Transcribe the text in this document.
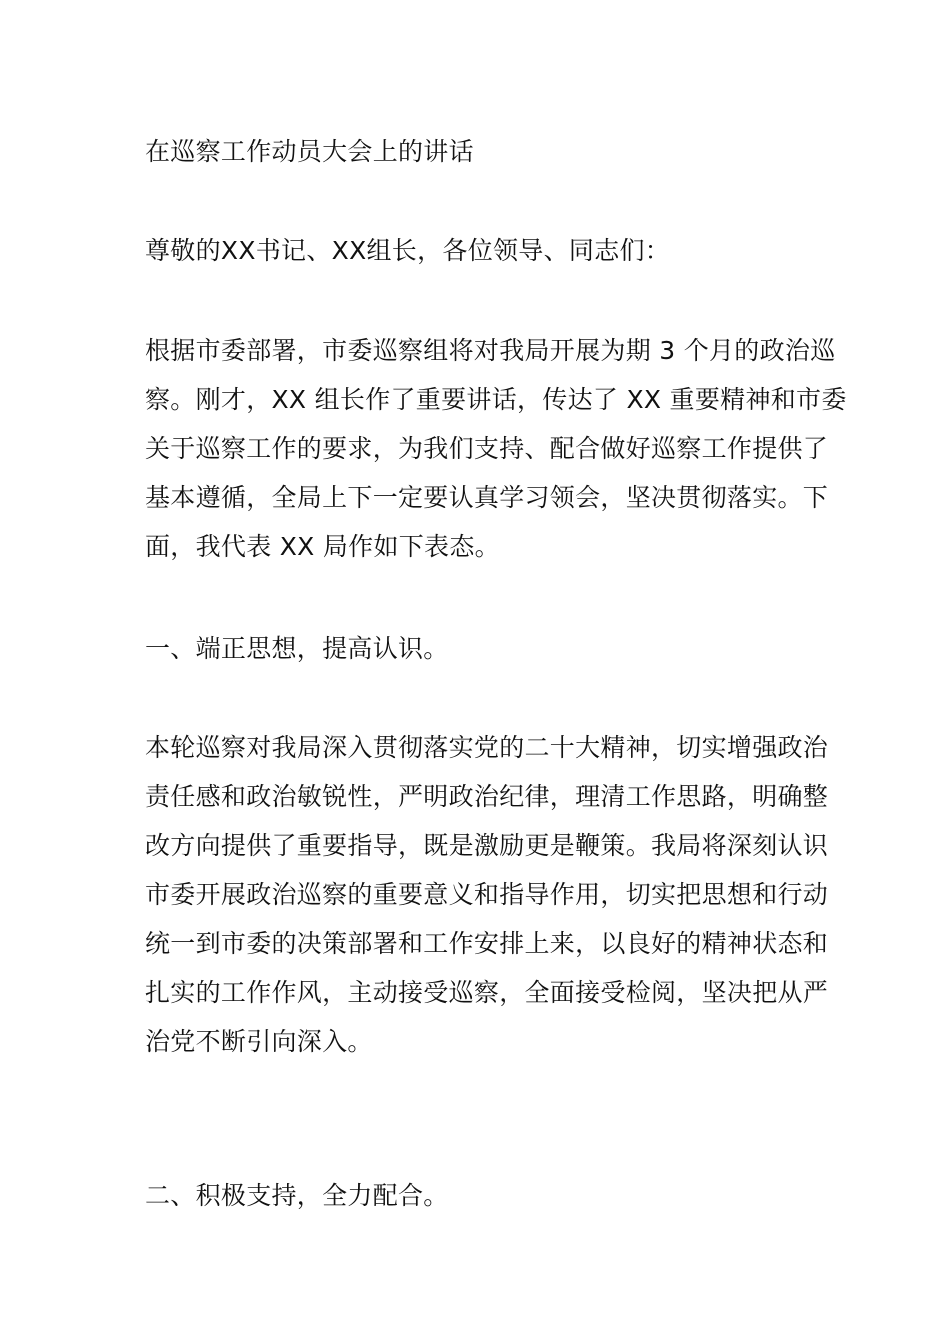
在巡察工作动员大会上的讲话
尊敬的XX书记、XX组长，各位领导、同志们：
根据市委部署，市委巡察组将对我局开展为期 3 个月的政治巡
察。刚才，XX 组长作了重要讲话，传达了 XX 重要精神和市委
关于巡察工作的要求，为我们支持、配合做好巡察工作提供了
基本遵循，全局上下一定要认真学习领会，坚决贯彻落实。下
面，我代表 XX 局作如下表态。
一、端正思想，提高认识。
本轮巡察对我局深入贯彻落实党的二十大精神，切实增强政治
责任感和政治敏锐性，严明政治纪律，理清工作思路，明确整
改方向提供了重要指导，既是激励更是鞭策。我局将深刻认识
市委开展政治巡察的重要意义和指导作用，切实把思想和行动
统一到市委的决策部署和工作安排上来，以良好的精神状态和
扎实的工作作风，主动接受巡察，全面接受检阅，坚决把从严
治党不断引向深入。
二、积极支持，全力配合。
